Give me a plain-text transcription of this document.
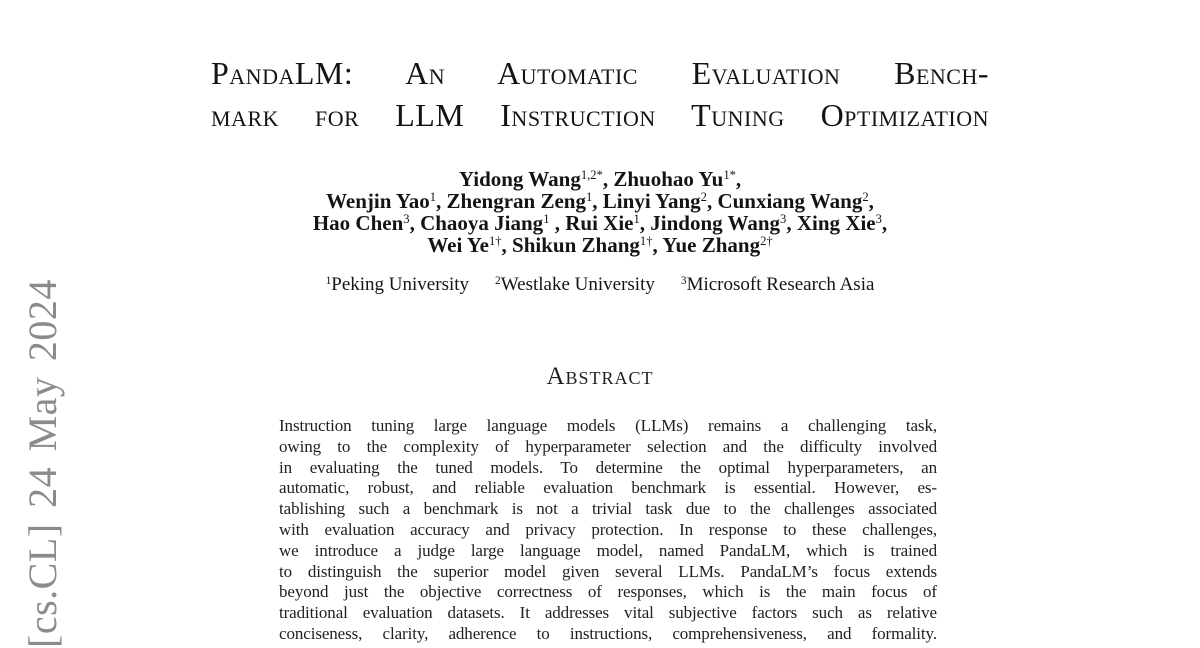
[cs.CL] 24 May 2024
PandaLM: An Automatic Evaluation Bench-
mark for LLM Instruction Tuning Optimization
Yidong Wang$^{1,2*}$, Zhuohao $Yu^{1*}$,
Wenjin Yao$^1$, Zhengran Zeng$^1$, Linyi Yang$^2$, Cunxiang Wang$^2$,
Hao Chen$^3$, Chaoya Jiang$^1$ , Rui Xie$^1$, Jindong Wang$^3$, Xing Xie$^3$,
Wei $Ye^{1\dagger}$, Shikun Zhang$^{1\dagger}$, Yue Zhang$^{2\dagger}$
$^1$Peking University $^2$Westlake University $^3$Microsoft Research Asia
Abstract
Instruction tuning large language models (LLMs) remains a challenging task,
owing to the complexity of hyperparameter selection and the difficulty involved
in evaluating the tuned models. To determine the optimal hyperparameters, an
automatic, robust, and reliable evaluation benchmark is essential. However, es-
tablishing such a benchmark is not a trivial task due to the challenges associated
with evaluation accuracy and privacy protection. In response to these challenges,
we introduce a judge large language model, named PandaLM, which is trained
to distinguish the superior model given several LLMs. PandaLM’s focus extends
beyond just the objective correctness of responses, which is the main focus of
traditional evaluation datasets. It addresses vital subjective factors such as relative
conciseness, clarity, adherence to instructions, comprehensiveness, and formality.
